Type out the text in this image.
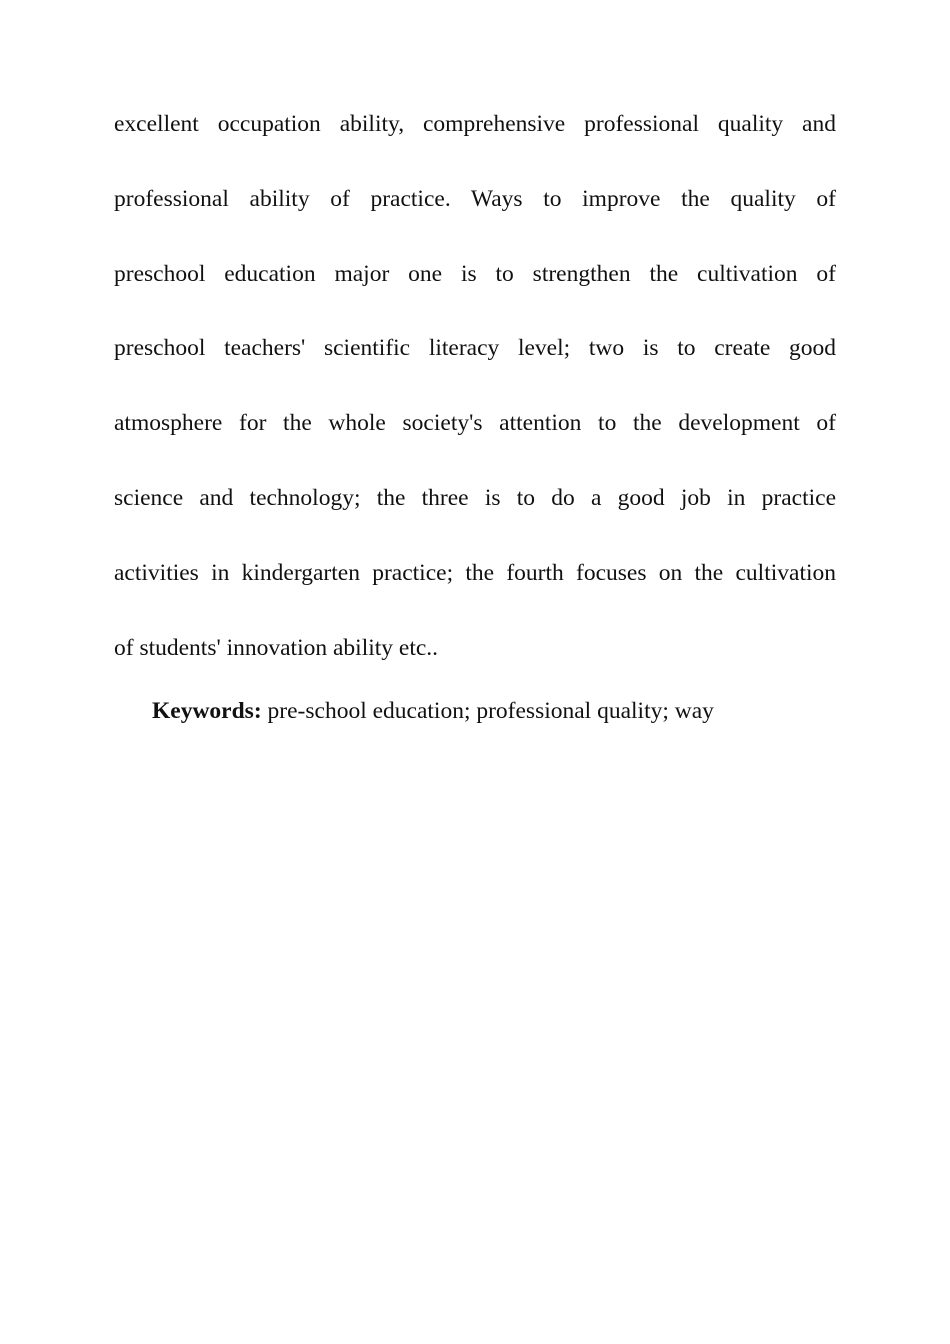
excellent occupation ability, comprehensive professional quality and
professional ability of practice. Ways to improve the quality of
preschool education major one is to strengthen the cultivation of
preschool teachers' scientific literacy level; two is to create good
atmosphere for the whole society's attention to the development of
science and technology; the three is to do a good job in practice
activities in kindergarten practice; the fourth focuses on the cultivation
of students' innovation ability etc..

Keywords: pre-school education; professional quality; way
